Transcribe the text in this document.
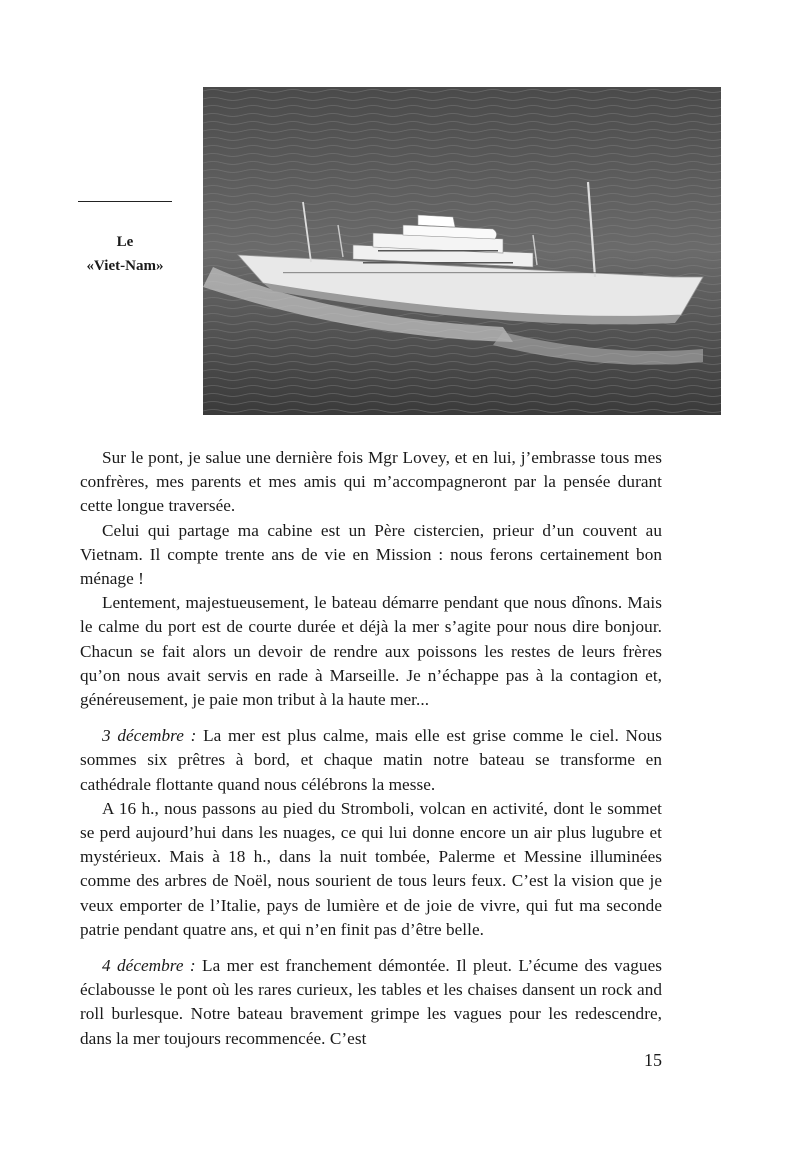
Le
«Viet-Nam»

Sur le pont, je salue une dernière fois Mgr Lovey, et en lui, j’embrasse tous mes confrères, mes parents et mes amis qui m’accompagneront par la pensée durant cette longue traversée.

Celui qui partage ma cabine est un Père cistercien, prieur d’un couvent au Vietnam. Il compte trente ans de vie en Mission : nous ferons certainement bon ménage !

Lentement, majestueusement, le bateau démarre pendant que nous dînons. Mais le calme du port est de courte durée et déjà la mer s’agite pour nous dire bonjour. Chacun se fait alors un devoir de rendre aux poissons les restes de leurs frères qu’on nous avait servis en rade à Marseille. Je n’échappe pas à la contagion et, généreusement, je paie mon tribut à la haute mer...

3 décembre : La mer est plus calme, mais elle est grise comme le ciel. Nous sommes six prêtres à bord, et chaque matin notre bateau se transforme en cathédrale flottante quand nous célébrons la messe.

A 16 h., nous passons au pied du Stromboli, volcan en activité, dont le sommet se perd aujourd’hui dans les nuages, ce qui lui donne encore un air plus lugubre et mystérieux. Mais à 18 h., dans la nuit tombée, Palerme et Messine illuminées comme des arbres de Noël, nous sourient de tous leurs feux. C’est la vision que je veux emporter de l’Italie, pays de lumière et de joie de vivre, qui fut ma seconde patrie pendant quatre ans, et qui n’en finit pas d’être belle.

4 décembre : La mer est franchement démontée. Il pleut. L’écume des vagues éclabousse le pont où les rares curieux, les tables et les chaises dansent un rock and roll burlesque. Notre bateau bravement grimpe les vagues pour les redescendre, dans la mer toujours recommencée. C’est

15
